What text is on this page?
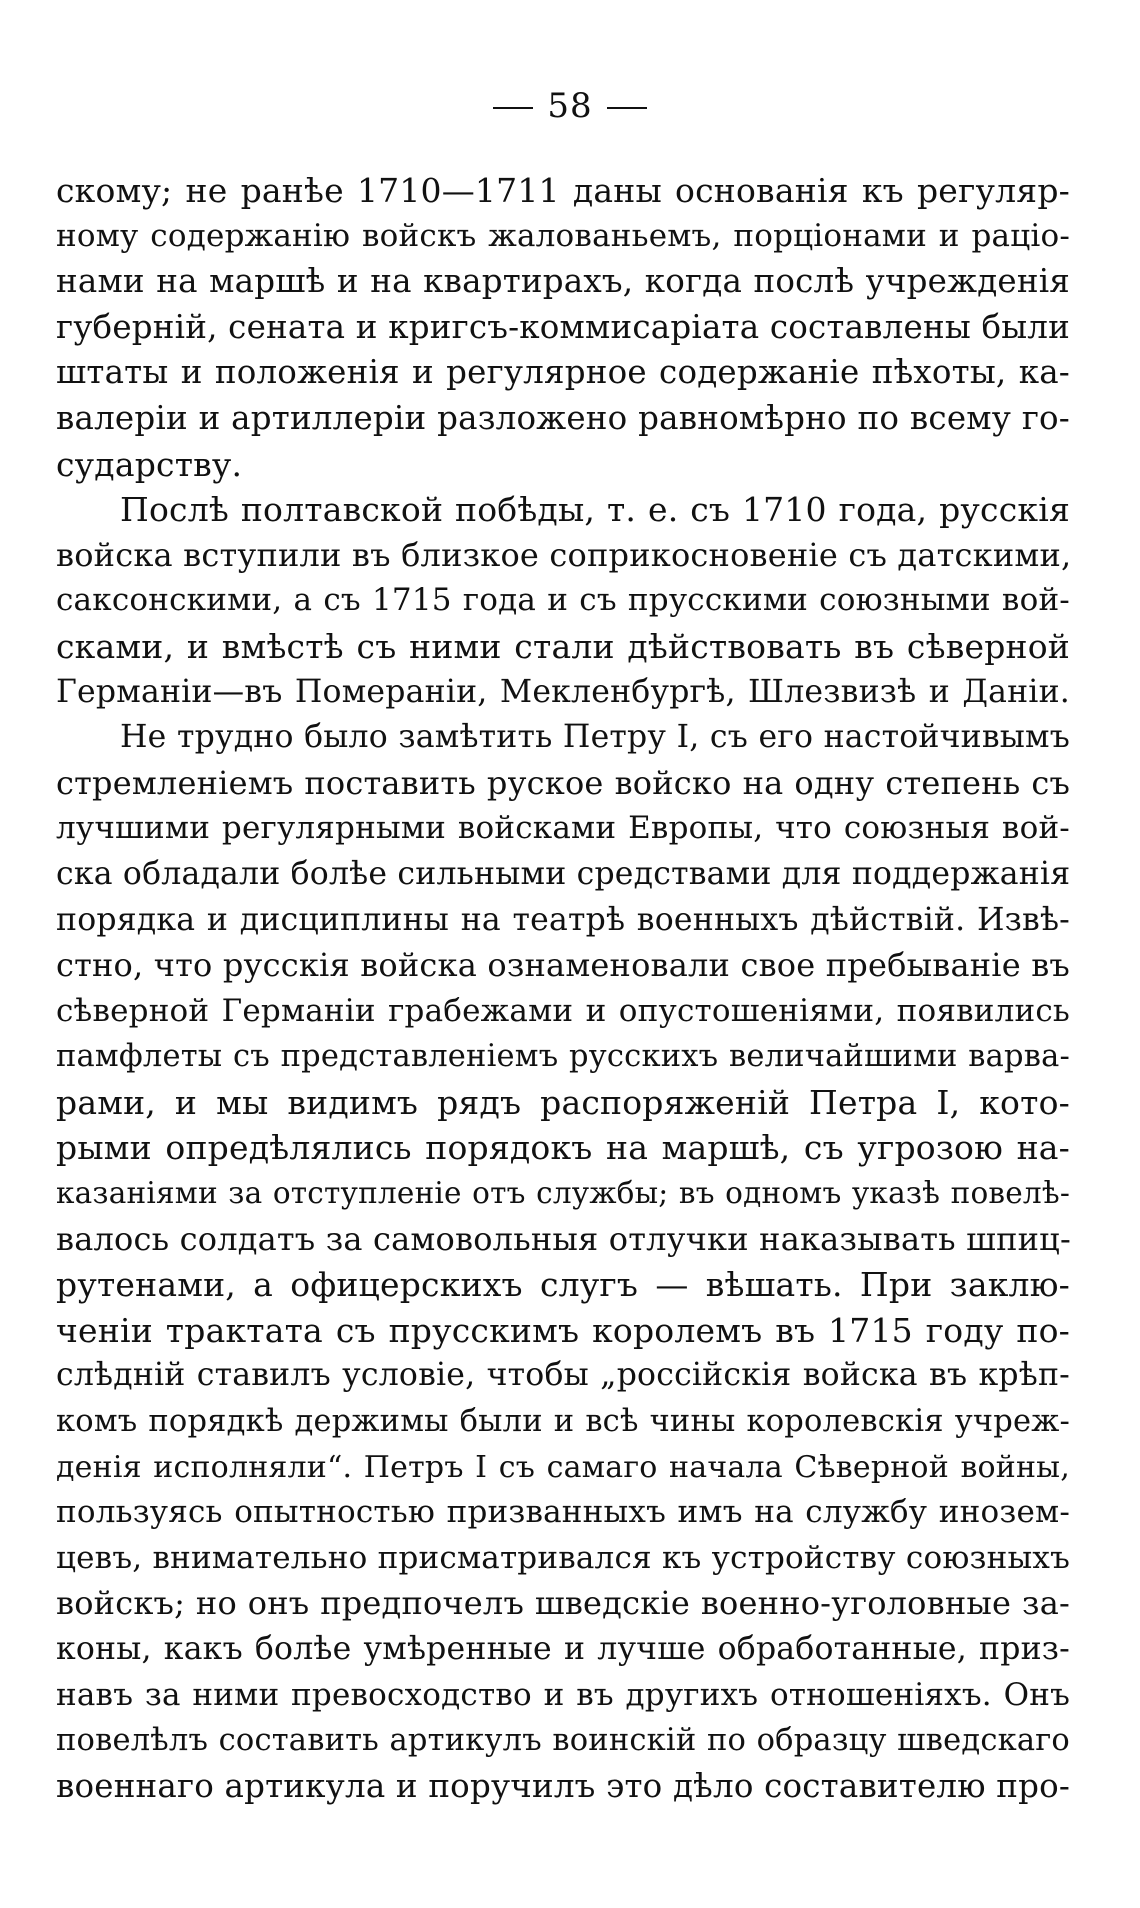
58
скому; не ранѣе 1710—1711 даны основанія къ регуляр-
ному содержанію войскъ жалованьемъ, порціонами и раціо-
нами на маршѣ и на квартирахъ, когда послѣ учрежденія
губерній, сената и кригсъ-коммисаріата составлены были
штаты и положенія и регулярное содержаніе пѣхоты, ка-
валеріи и артиллеріи разложено равномѣрно по всему го-
сударству.
Послѣ полтавской побѣды, т. е. съ 1710 года, русскія
войска вступили въ близкое соприкосновеніе съ датскими,
саксонскими, а съ 1715 года и съ прусскими союзными вой-
сками, и вмѣстѣ съ ними стали дѣйствовать въ сѣверной
Германіи—въ Помераніи, Мекленбургѣ, Шлезвизѣ и Даніи.
Не трудно было замѣтить Петру I, съ его настойчивымъ
стремленіемъ поставить руское войско на одну степень съ
лучшими регулярными войсками Европы, что союзныя вой-
ска обладали болѣе сильными средствами для поддержанія
порядка и дисциплины на театрѣ военныхъ дѣйствій. Извѣ-
стно, что русскія войска ознаменовали свое пребываніе въ
сѣверной Германіи грабежами и опустошеніями, появились
памфлеты съ представленіемъ русскихъ величайшими варва-
рами, и мы видимъ рядъ распоряженій Петра I, кото-
рыми опредѣлялись порядокъ на маршѣ, съ угрозою на-
казаніями за отступленіе отъ службы; въ одномъ указѣ повелѣ-
валось солдатъ за самовольныя отлучки наказывать шпиц-
рутенами, а офицерскихъ слугъ — вѣшать. При заклю-
ченіи трактата съ прусскимъ королемъ въ 1715 году по-
слѣдній ставилъ условіе, чтобы „россійскія войска въ крѣп-
комъ порядкѣ держимы были и всѣ чины королевскія учреж-
денія исполняли“. Петръ I съ самаго начала Сѣверной войны,
пользуясь опытностью призванныхъ имъ на службу инозем-
цевъ, внимательно присматривался къ устройству союзныхъ
войскъ; но онъ предпочелъ шведскіе военно-уголовные за-
коны, какъ болѣе умѣренные и лучше обработанные, приз-
навъ за ними превосходство и въ другихъ отношеніяхъ. Онъ
повелѣлъ составить артикулъ воинскій по образцу шведскаго
военнаго артикула и поручилъ это дѣло составителю про-
